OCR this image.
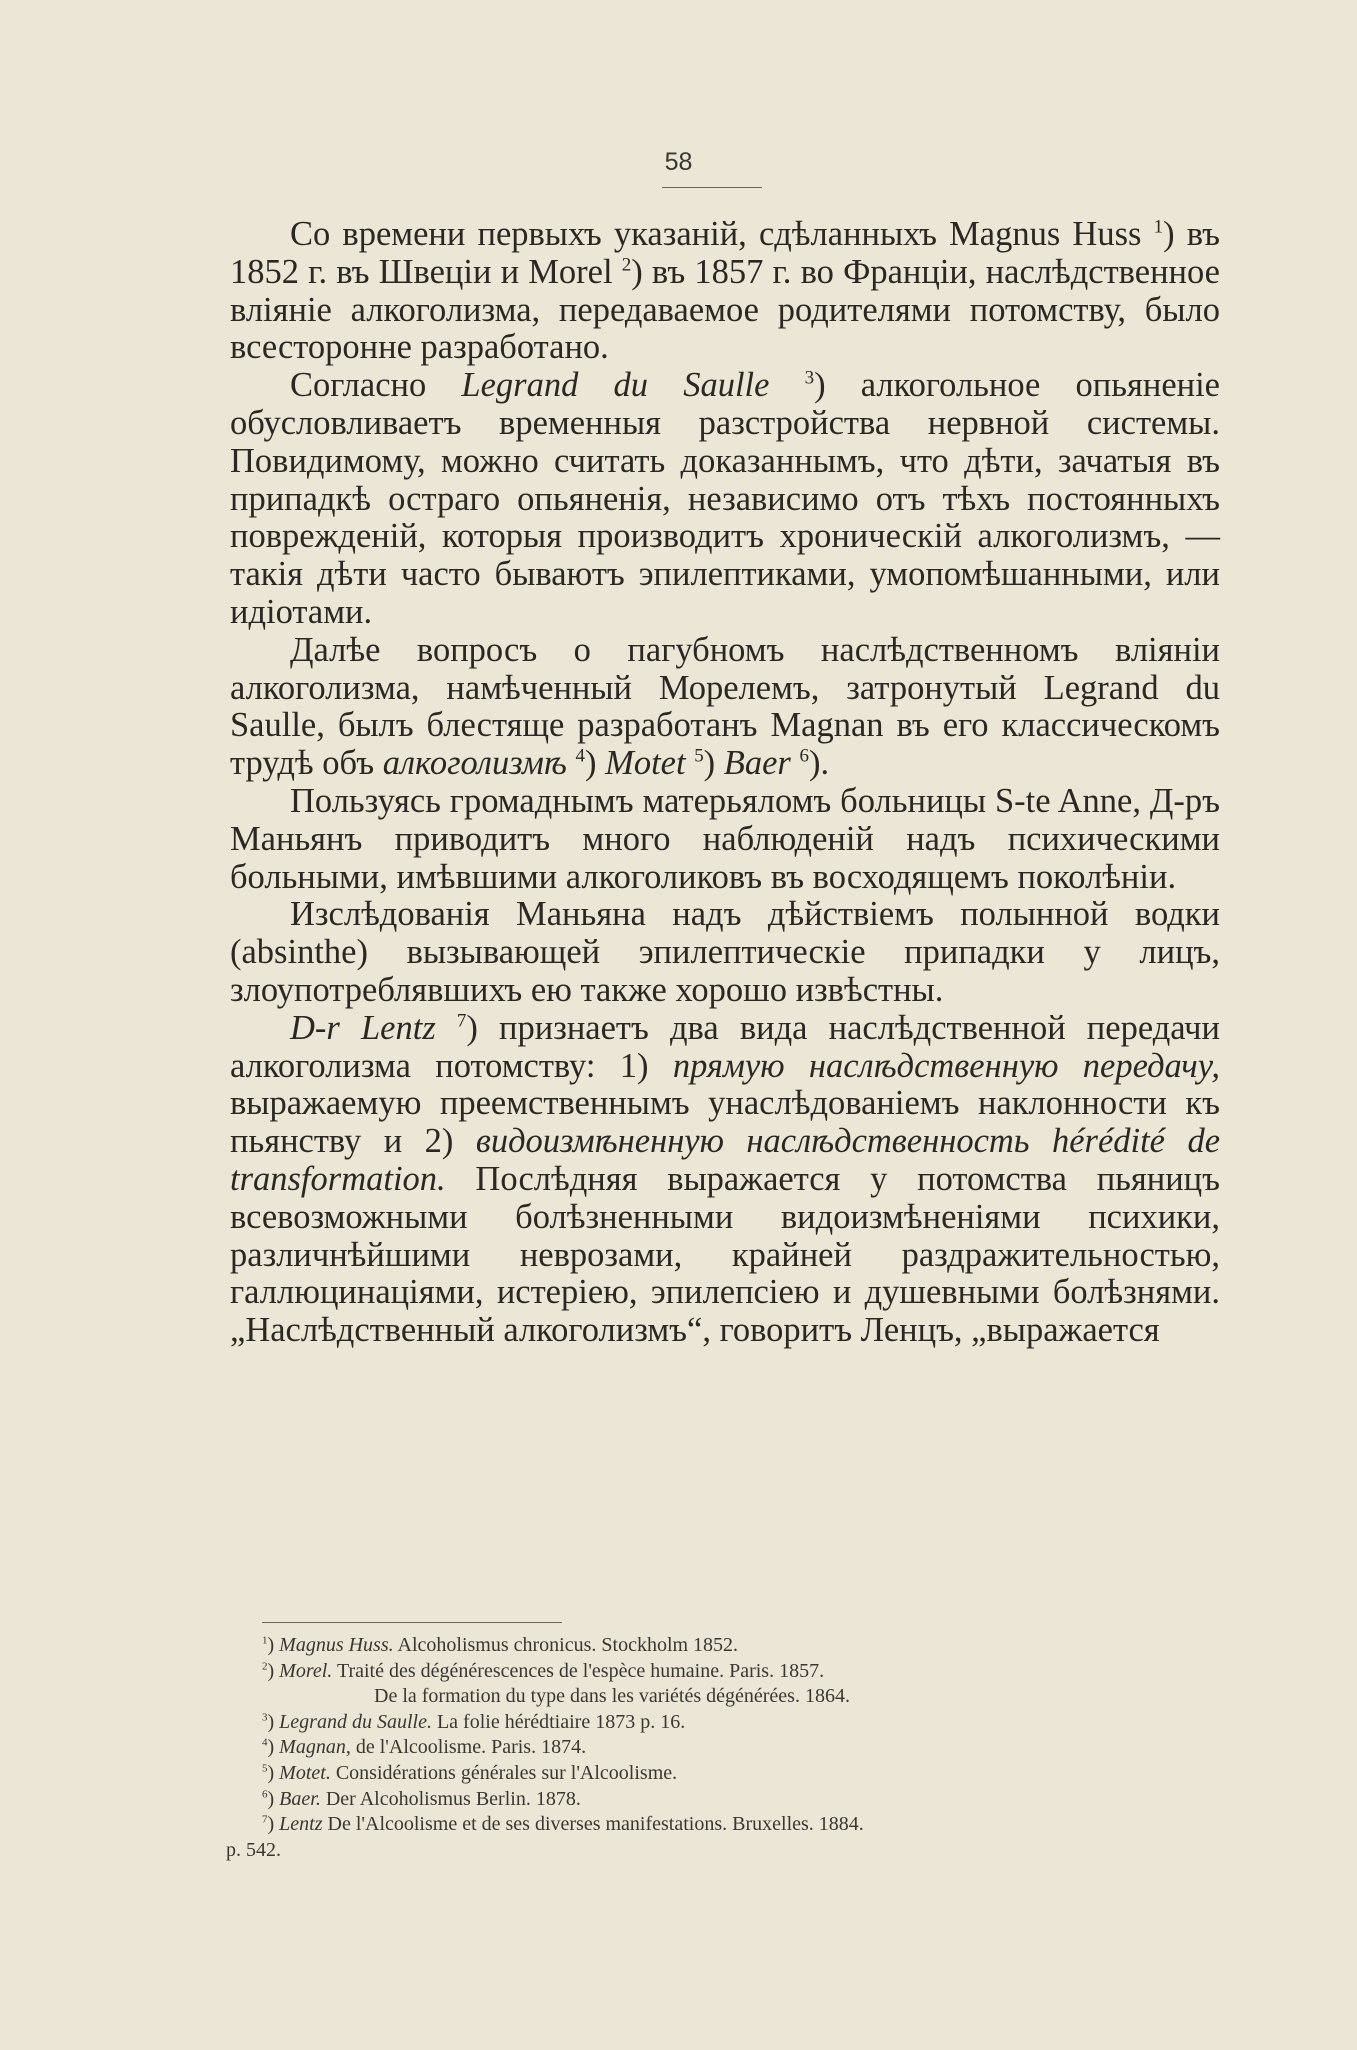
58

Со времени первыхъ указаній, сдѣланныхъ Magnus Huss $^1$) въ 1852 г. въ Швеціи и Morel $^2$) въ 1857 г. во Франціи, наслѣдственное вліяніе алкоголизма, передаваемое родителями потомству, было всесторонне разработано.

Согласно Legrand du Saulle $^3$) алкогольное опьяненіе обусловливаетъ временныя разстройства нервной системы. Повидимому, можно считать доказаннымъ, что дѣти, зачатыя въ припадкѣ остраго опьяненія, независимо отъ тѣхъ постоянныхъ поврежденій, которыя производитъ хроническій алкоголизмъ, — такія дѣти часто бываютъ эпилептиками, умопомѣшанными, или идіотами.

Далѣе вопросъ о пагубномъ наслѣдственномъ вліяніи алкоголизма, намѣченный Морелемъ, затронутый Legrand du Saulle, былъ блестяще разработанъ Magnan въ его классическомъ трудѣ объ алкоголизмѣ $^4$) Motet $^5$) Baer $^6$).

Пользуясь громаднымъ матерьяломъ больницы S-te Anne, Д-ръ Маньянъ приводитъ много наблюденій надъ психическими больными, имѣвшими алкоголиковъ въ восходящемъ поколѣніи.

Изслѣдованія Маньяна надъ дѣйствіемъ полынной водки (absinthe) вызывающей эпилептическіе припадки у лицъ, злоупотреблявшихъ ею также хорошо извѣстны.

D-r Lentz $^7$) признаетъ два вида наслѣдственной передачи алкоголизма потомству: 1) прямую наслѣдственную передачу, выражаемую преемственнымъ унаслѣдованіемъ наклонности къ пьянству и 2) видоизмѣненную наслѣдственность hérédité de transformation. Послѣдняя выражается у потомства пьяницъ всевозможными болѣзненными видоизмѣненіями психики, различнѣйшими неврозами, крайней раздражительностью, галлюцинаціями, истеріею, эпилепсіею и душевными болѣзнями. „Наслѣдственный алкоголизмъ“, говоритъ Ленцъ, „выражается

$^1$) Magnus Huss. Alcoholismus chronicus. Stockholm 1852.
$^2$) Morel. Traité des dégénérescences de l'espèce humaine. Paris. 1857.
De la formation du type dans les variétés dégénérées. 1864.
$^3$) Legrand du Saulle. La folie hérédtiaire 1873 p. 16.
$^4$) Magnan, de l'Alcoolisme. Paris. 1874.
$^5$) Motet. Considérations générales sur l'Alcoolisme.
$^6$) Baer. Der Alcoholismus Berlin. 1878.
$^7$) Lentz De l'Alcoolisme et de ses diverses manifestations. Bruxelles. 1884.
p. 542.
